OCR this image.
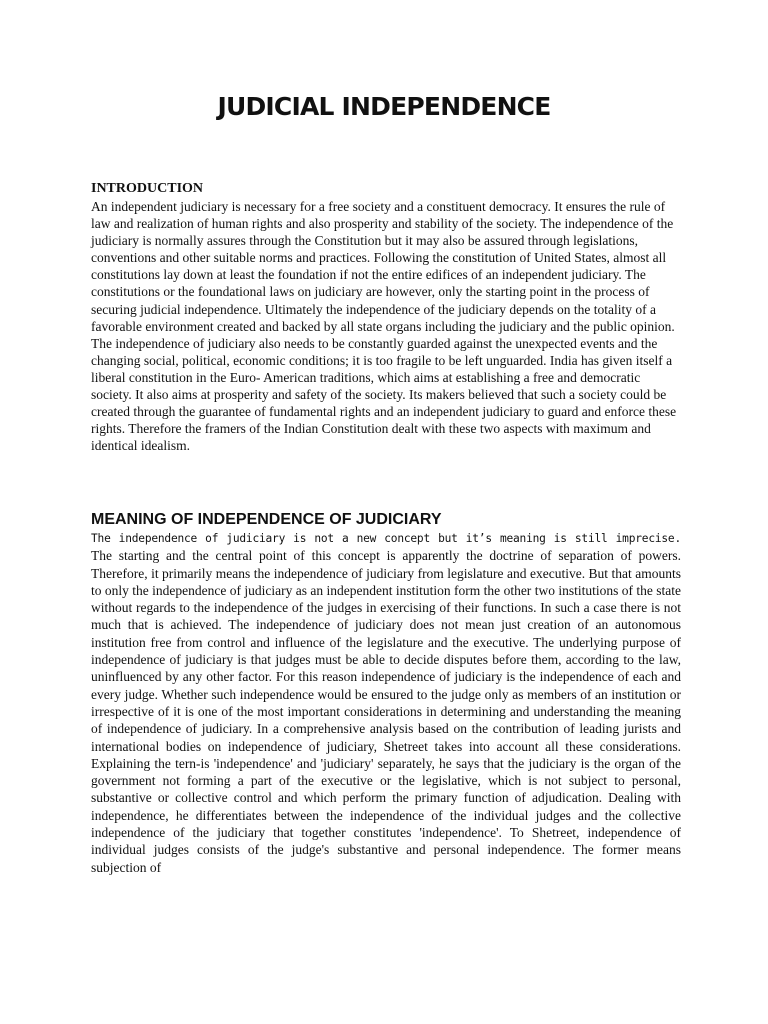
JUDICIAL INDEPENDENCE
INTRODUCTION

An independent judiciary is necessary for a free society and a constituent democracy. It ensures the rule of law and realization of human rights and also prosperity and stability of the society. The independence of the judiciary is normally assures through the Constitution but it may also be assured through legislations, conventions and other suitable norms and practices. Following the constitution of United States, almost all constitutions lay down at least the foundation if not the entire edifices of an independent judiciary. The constitutions or the foundational laws on judiciary are however, only the starting point in the process of securing judicial independence. Ultimately the independence of the judiciary depends on the totality of a favorable environment created and backed by all state organs including the judiciary and the public opinion. The independence of judiciary also needs to be constantly guarded against the unexpected events and the changing social, political, economic conditions; it is too fragile to be left unguarded. India has given itself a liberal constitution in the Euro- American traditions, which aims at establishing a free and democratic society. It also aims at prosperity and safety of the society. Its makers believed that such a society could be created through the guarantee of fundamental rights and an independent judiciary to guard and enforce these rights. Therefore the framers of the Indian Constitution dealt with these two aspects with maximum and identical idealism.

MEANING OF INDEPENDENCE OF JUDICIARY

The independence of judiciary is not a new concept but it’s meaning is still imprecise. The starting and the central point of this concept is apparently the doctrine of separation of powers. Therefore, it primarily means the independence of judiciary from legislature and executive. But that amounts to only the independence of judiciary as an independent institution form the other two institutions of the state without regards to the independence of the judges in exercising of their functions. In such a case there is not much that is achieved. The independence of judiciary does not mean just creation of an autonomous institution free from control and influence of the legislature and the executive. The underlying purpose of independence of judiciary is that judges must be able to decide disputes before them, according to the law, uninfluenced by any other factor. For this reason independence of judiciary is the independence of each and every judge. Whether such independence would be ensured to the judge only as members of an institution or irrespective of it is one of the most important considerations in determining and understanding the meaning of independence of judiciary. In a comprehensive analysis based on the contribution of leading jurists and international bodies on independence of judiciary, Shetreet takes into account all these considerations. Explaining the tern-is 'independence' and 'judiciary' separately, he says that the judiciary is the organ of the government not forming a part of the executive or the legislative, which is not subject to personal, substantive or collective control and which perform the primary function of adjudication. Dealing with independence, he differentiates between the independence of the individual judges and the collective independence of the judiciary that together constitutes 'independence'. To Shetreet, independence of individual judges consists of the judge's substantive and personal independence. The former means subjection of
